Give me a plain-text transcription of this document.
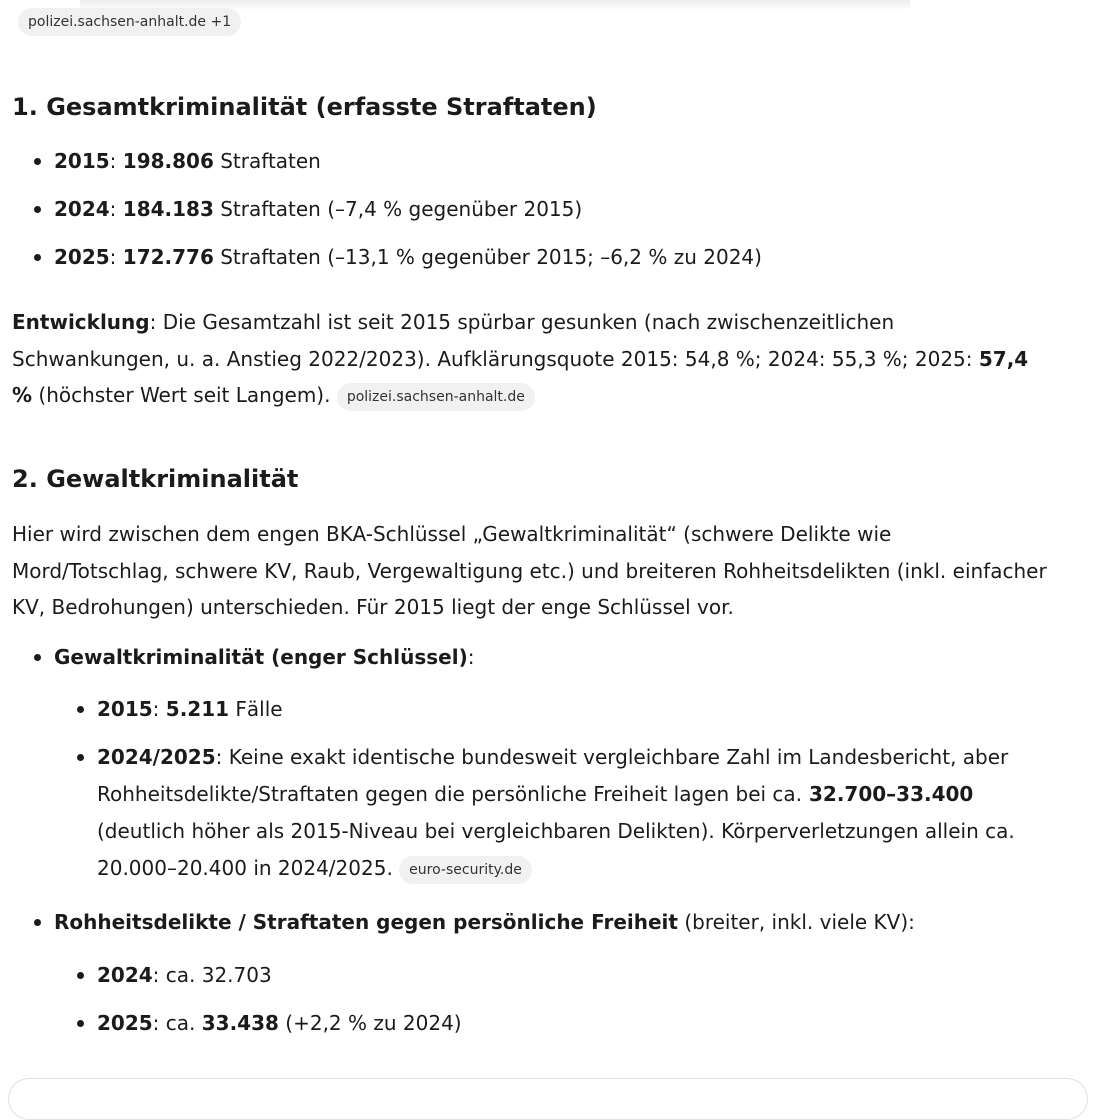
polizei.sachsen-anhalt.de +1
1. Gesamtkriminalität (erfasste Straftaten)
2015: 198.806 Straftaten
2024: 184.183 Straftaten (–7,4 % gegenüber 2015)
2025: 172.776 Straftaten (–13,1 % gegenüber 2015; –6,2 % zu 2024)
Entwicklung: Die Gesamtzahl ist seit 2015 spürbar gesunken (nach zwischenzeitlichen Schwankungen, u. a. Anstieg 2022/2023). Aufklärungsquote 2015: 54,8 %; 2024: 55,3 %; 2025: 57,4 % (höchster Wert seit Langem). polizei.sachsen-anhalt.de
2. Gewaltkriminalität
Hier wird zwischen dem engen BKA-Schlüssel „Gewaltkriminalität“ (schwere Delikte wie Mord/Totschlag, schwere KV, Raub, Vergewaltigung etc.) und breiteren Rohheitsdelikten (inkl. einfacher KV, Bedrohungen) unterschieden. Für 2015 liegt der enge Schlüssel vor.
Gewaltkriminalität (enger Schlüssel):
2015:
5.211 Fälle
2024/2025: Keine exakt identische bundesweit vergleichbare Zahl im Landesbericht, aber Rohheitsdelikte/Straftaten gegen die persönliche Freiheit lagen bei ca
. 32.700–33.400 (deutlich höher als 2015-Niveau bei vergleichbaren Delikten). Körperverletzungen allein ca. 20.000–20.400 in 2024/2025. euro-security.de
Rohheitsdelikte / Straftaten gegen persönliche Freiheit (breiter, inkl. viele KV):
2024: ca. 32.703
2025: ca. 33.438 (+2,2 % zu 2024)
